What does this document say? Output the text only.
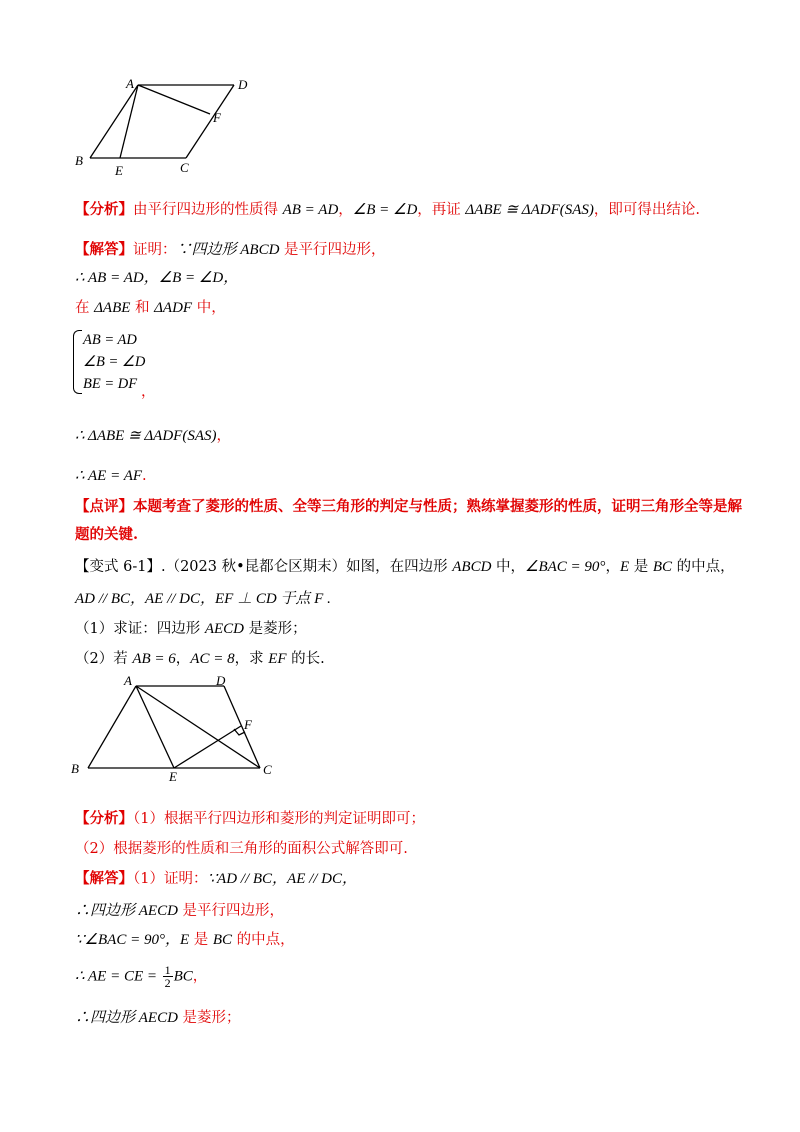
A	D
F
B
E	C
【分析】由平行四边形的性质得 AB = AD，∠B = ∠D，再证 ΔABE ≅ ΔADF(SAS)，即可得出结论.
【解答】证明：∵四边形 ABCD 是平行四边形，
∴ AB = AD，∠B = ∠D，
在 ΔABE 和 ΔADF 中，
AB = AD
∠B = ∠D
BE = DF ，
∴ ΔABE ≅ ΔADF(SAS)，
∴ AE = AF.
【点评】本题考查了菱形的性质、全等三角形的判定与性质；熟练掌握菱形的性质，证明三角形全等是解
题的关键.
【变式 6-1】.（2023 秋•昆都仑区期末）如图，在四边形 ABCD 中，∠BAC = 90°，E 是 BC 的中点，
AD // BC，AE // DC，EF ⊥ CD 于点 F .
（1）求证：四边形 AECD 是菱形；
（2）若 AB = 6，AC = 8，求 EF 的长.
A	D
F
B
E	C
【分析】（1）根据平行四边形和菱形的判定证明即可；
（2）根据菱形的性质和三角形的面积公式解答即可.
【解答】（1）证明：∵AD // BC，AE // DC，
∴四边形 AECD 是平行四边形，
∵∠BAC = 90°，E 是 BC 的中点，
∴ AE = CE = $\frac{1}{2}$ BC，
∴四边形 AECD 是菱形；
